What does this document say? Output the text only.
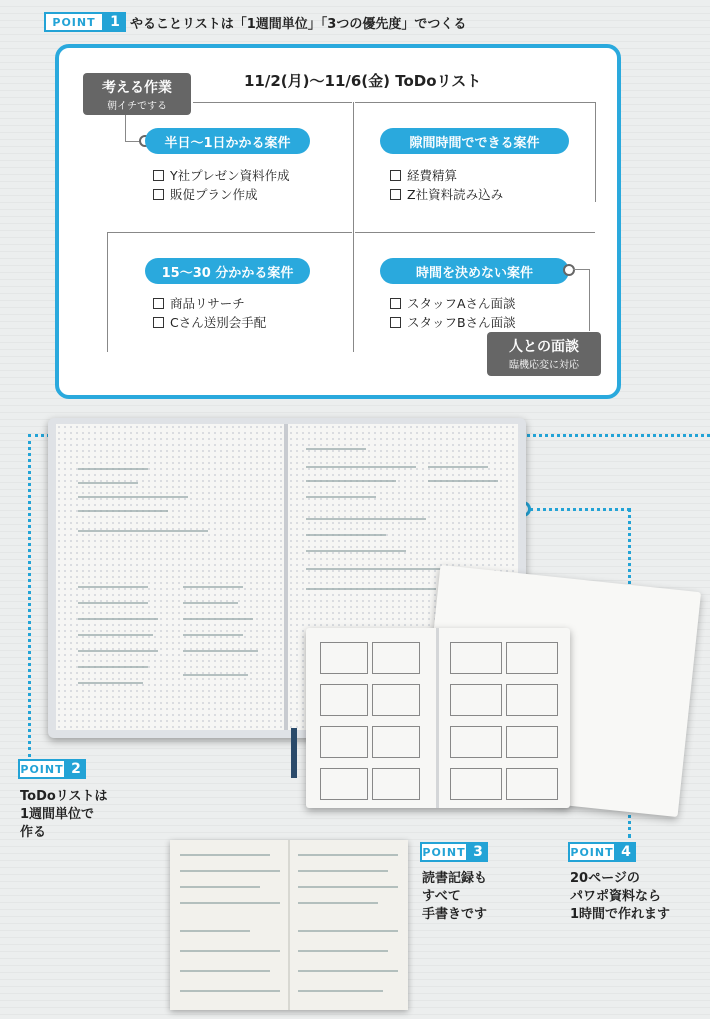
POINT	1 やることリストは「1週間単位」「3つの優先度」でつくる
11/2(月)～11/6(金) ToDoリスト
考える作業
朝イチでする
半日～1日かかる案件
Y社プレゼン資料作成
販促プラン作成
隙間時間でできる案件
経費精算
Z社資料読み込み
15～30 分かかる案件
商品リサーチ
Cさん送別会手配
時間を決めない案件
スタッフAさん面談
スタッフBさん面談
人との面談
臨機応変に対応
POINT 2
ToDoリストは
1週間単位で
作る
POINT 3
読書記録も
すべて
手書きです
POINT 4
20ページの
パワポ資料なら
1時間で作れます
